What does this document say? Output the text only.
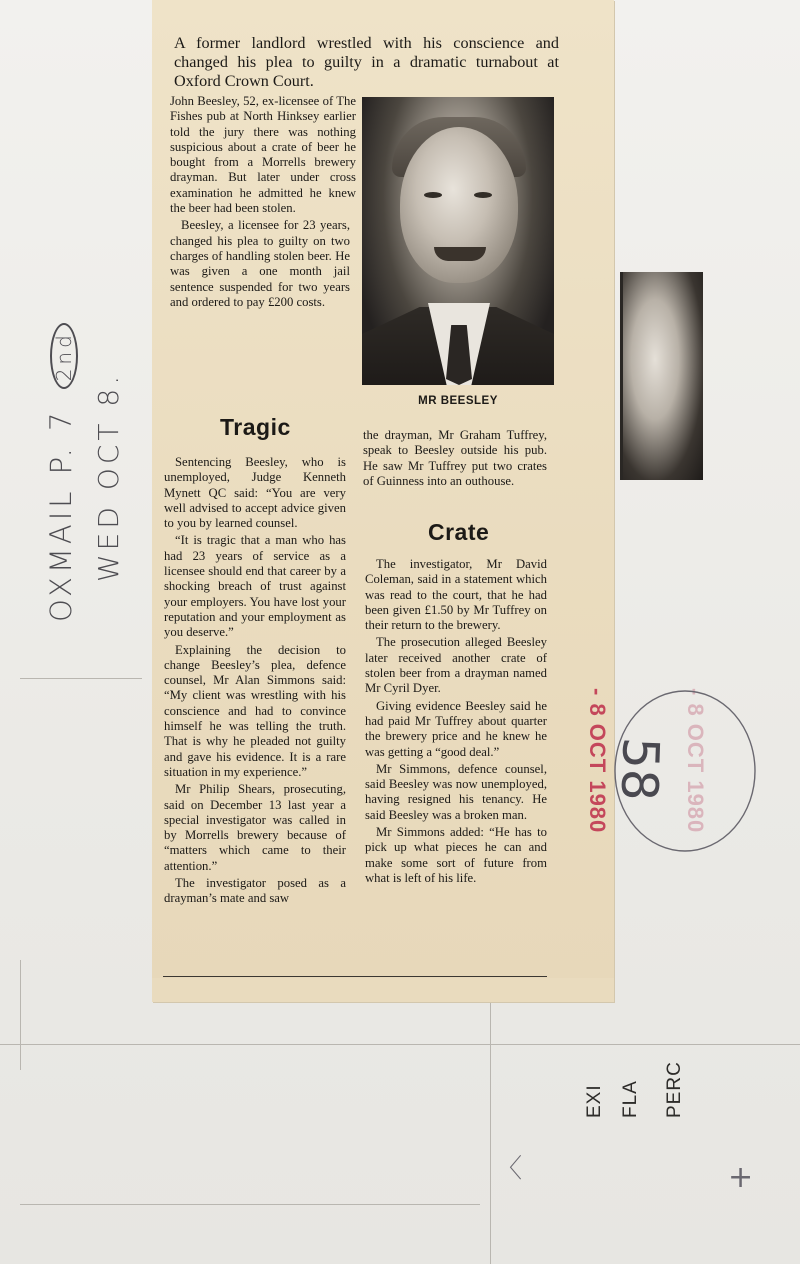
A former landlord wrestled with his conscience and changed his plea to guilty in a dramatic turnabout at Oxford Crown Court.

John Beesley, 52, ex-licensee of The Fishes pub at North Hinksey earlier told the jury there was nothing suspicious about a crate of beer he bought from a Morrells brewery drayman. But later under cross examination he admitted he knew the beer had been stolen.

Beesley, a licensee for 23 years, changed his plea to guilty on two charges of handling stolen beer. He was given a one month jail sentence suspended for two years and ordered to pay £200 costs.

MR BEESLEY
Tragic

Sentencing Beesley, who is unemployed, Judge Kenneth Mynett QC said: “You are very well advised to accept advice given to you by learned counsel.

“It is tragic that a man who has had 23 years of service as a licensee should end that career by a shocking breach of trust against your employers. You have lost your reputation and your employment as you deserve.”

Explaining the decision to change Beesley’s plea, defence counsel, Mr Alan Simmons said: “My client was wrestling with his conscience and had to convince himself he was telling the truth. That is why he pleaded not guilty and gave his evidence. It is a rare situation in my experience.”

Mr Philip Shears, prosecuting, said on December 13 last year a special investigator was called in by Morrells brewery because of “matters which came to their attention.”

The investigator posed as a drayman’s mate and saw

the drayman, Mr Graham Tuffrey, speak to Beesley outside his pub. He saw Mr Tuffrey put two crates of Guinness into an outhouse.

Crate

The investigator, Mr David Coleman, said in a statement which was read to the court, that he had been given £1.50 by Mr Tuffrey on their return to the brewery.

The prosecution alleged Beesley later received another crate of stolen beer from a drayman named Mr Cyril Dyer.

Giving evidence Beesley said he had paid Mr Tuffrey about quarter the brewery price and he knew he was getting a “good deal.”

Mr Simmons, defence counsel, said Beesley was now unemployed, having resigned his tenancy. He said Beesley was a broken man.

Mr Simmons added: “He has to pick up what pieces he can and make some sort of future from what is left of his life.

OXMAIL P. 7 2nd
WED OCT 8.
- 8 OCT 1980	- 8 OCT 1980
58
EXI FLA PERC
+
〈
